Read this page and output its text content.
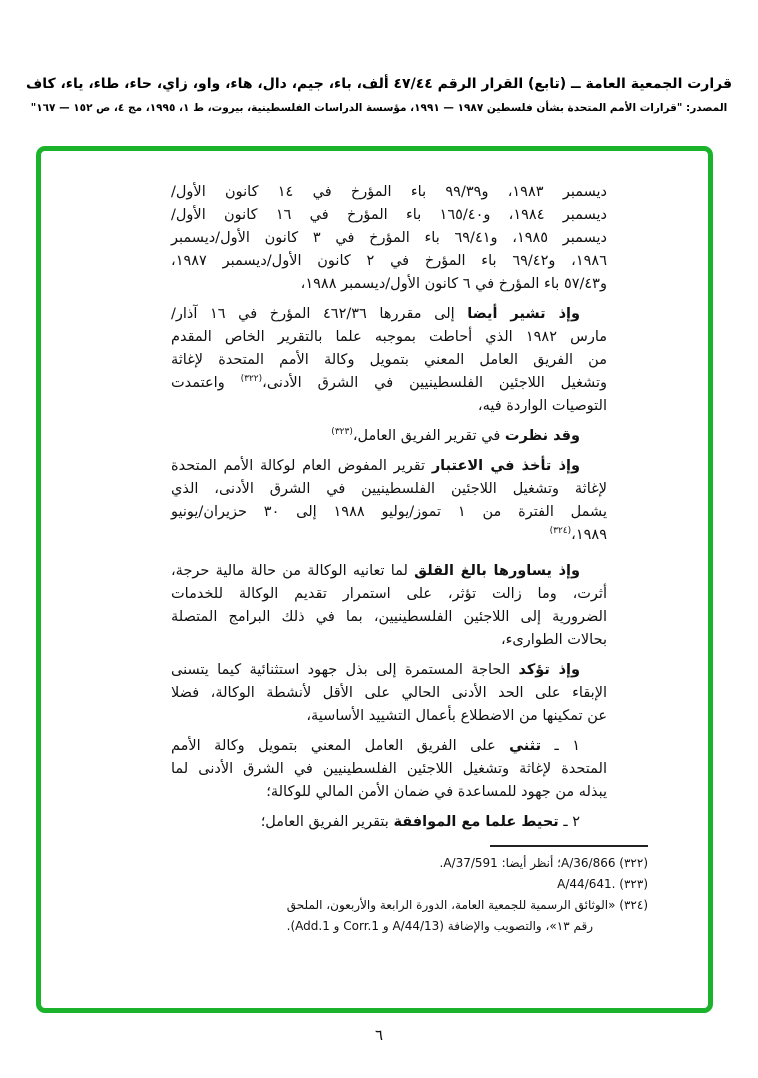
قرارت الجمعية العامة ــ (تابع) القرار الرقم ٤٧/٤٤ ألف، باء، جيم، دال، هاء، واو، زاي، حاء، طاء، ياء، كاف
المصدر: "قرارات الأمم المتحدة بشأن فلسطين ١٩٨٧ — ١٩٩١، مؤسسة الدراسات الفلسطينية، بيروت، ط ١، ١٩٩٥، مج ٤، ص ١٥٢ — ١٦٧"
ديسمبر ١٩٨٣، و٩٩/٣٩ باء المؤرخ في ١٤ كانون الأول/
ديسمبر ١٩٨٤، و١٦٥/٤٠ باء المؤرخ في ١٦ كانون الأول/
ديسمبر ١٩٨٥، و٦٩/٤١ باء المؤرخ في ٣ كانون الأول/ديسمبر
١٩٨٦، و٦٩/٤٢ باء المؤرخ في ٢ كانون الأول/ديسمبر ١٩٨٧،
و٥٧/٤٣ باء المؤرخ في ٦ كانون الأول/ديسمبر ١٩٨٨،
وإذ تشير أيضا إلى مقررها ٤٦٢/٣٦ المؤرخ في ١٦ آذار/
مارس ١٩٨٢ الذي أحاطت بموجبه علما بالتقرير الخاص المقدم
من الفريق العامل المعني بتمويل وكالة الأمم المتحدة لإغاثة
وتشغيل اللاجئين الفلسطينيين في الشرق الأدنى،$^{(٣٢٢)}$ واعتمدت
التوصيات الواردة فيه،
وقد نظرت في تقرير الفريق العامل،$^{(٣٢٣)}$
وإذ تأخذ في الاعتبار تقرير المفوض العام لوكالة الأمم المتحدة
لإغاثة وتشغيل اللاجئين الفلسطينيين في الشرق الأدنى، الذي
يشمل الفترة من ١ تموز/يوليو ١٩٨٨ إلى ٣٠ حزيران/يونيو
١٩٨٩،$^{(٣٢٤)}$
وإذ يساورها بالغ القلق لما تعانيه الوكالة من حالة مالية حرجة،
أثرت، وما زالت تؤثر، على استمرار تقديم الوكالة للخدمات
الضرورية إلى اللاجئين الفلسطينيين، بما في ذلك البرامج المتصلة
بحالات الطوارىء،
وإذ تؤكد الحاجة المستمرة إلى بذل جهود استثنائية كيما يتسنى
الإبقاء على الحد الأدنى الحالي على الأقل لأنشطة الوكالة، فضلا
عن تمكينها من الاضطلاع بأعمال التشييد الأساسية،
١ ـ تثني على الفريق العامل المعني بتمويل وكالة الأمم
المتحدة لإغاثة وتشغيل اللاجئين الفلسطينيين في الشرق الأدنى لما
يبذله من جهود للمساعدة في ضمان الأمن المالي للوكالة؛
٢ ـ تحيط علما مع الموافقة بتقرير الفريق العامل؛
(٣٢٢) A/36/866؛ أنظر أيضا: A/37/591.
(٣٢٣) A/44/641.‎
(٣٢٤) «الوثائق الرسمية للجمعية العامة، الدورة الرابعة والأربعون، الملحق
رقم ١٣»، والتصويب والإضافة (A/44/13 و Corr.1 و Add.1).
٦
